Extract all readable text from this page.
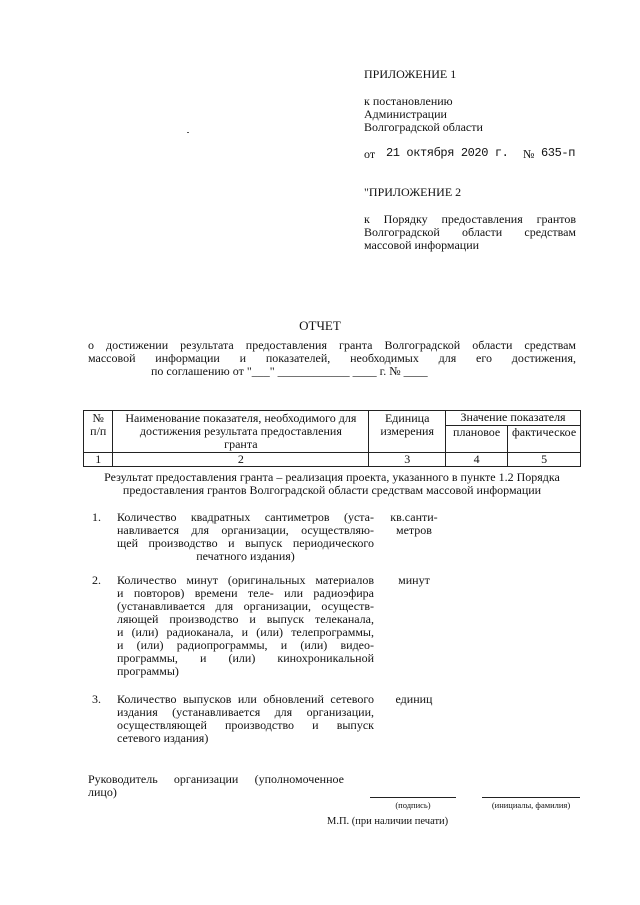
ПРИЛОЖЕНИЕ 1
к постановлению
Администрации
Волгоградской области
от 21 октября 2020 г. № 635-п
"ПРИЛОЖЕНИЕ 2
к Порядку предоставления грантов
Волгоградской области средствам
массовой информации
ОТЧЕТ
о достижении результата предоставления гранта Волгоградской области средствам
массовой информации и показателей, необходимых для его достижения,
по соглашению от "___" ____________ ____ г. № ____
№ п/п	Наименование показателя, необходимого для достижения результата предоставления гранта	Единица измерения	Значение показателя	
			плановое	фактическое
1	2	3	4	5
Результат предоставления гранта – реализация проекта, указанного в пункте 1.2 Порядка
предоставления грантов Волгоградской области средствам массовой информации
1. Количество квадратных сантиметров (уста-
навливается для организации, осуществляю-
щей производство и выпуск периодического
печатного издания)
кв.санти-
метров
2. Количество минут (оригинальных материалов
и повторов) времени теле- или радиоэфира
(устанавливается для организации, осуществ-
ляющей производство и выпуск телеканала,
и (или) радиоканала, и (или) телепрограммы,
и (или) радиопрограммы, и (или) видео-
программы, и (или) кинохроникальной
программы)
минут
3. Количество выпусков или обновлений сетевого
издания (устанавливается для организации,
осуществляющей производство и выпуск
сетевого издания)
единиц
Руководитель организации (уполномоченное
лицо)
(подпись)	(инициалы, фамилия)
М.П. (при наличии печати)
